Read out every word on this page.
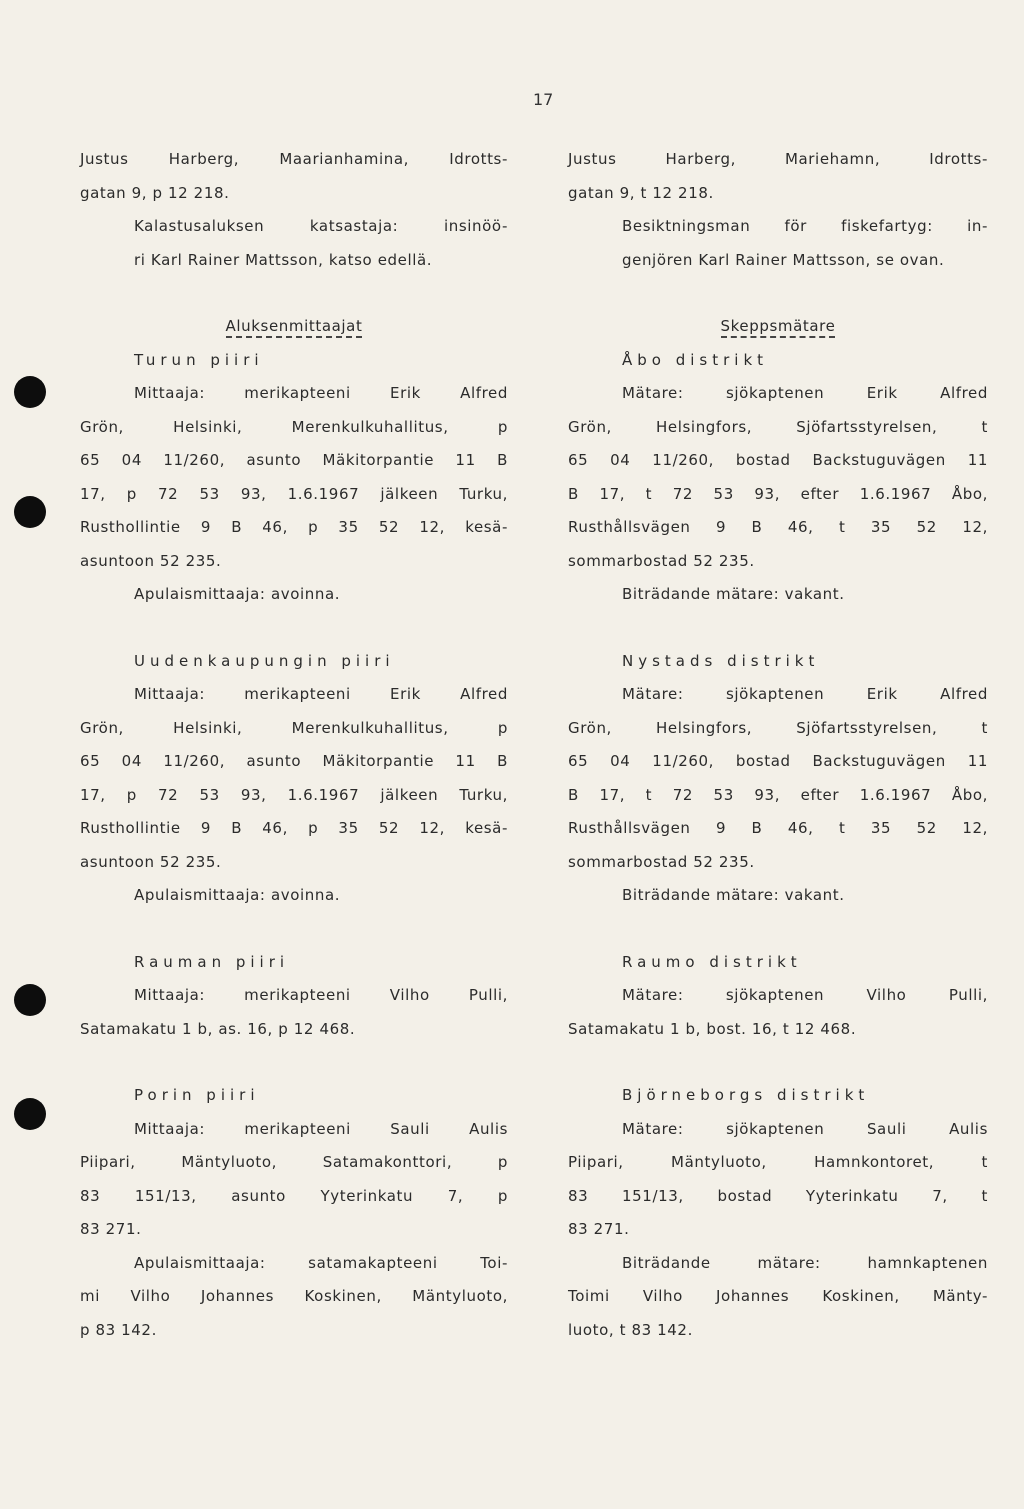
17
Justus Harberg, Maarianhamina, Idrotts-
gatan 9, p 12 218.
Kalastusaluksen katsastaja: insinöö-
ri Karl Rainer Mattsson, katso edellä.
Aluksenmittaajat
Turun piiri
Mittaaja: merikapteeni Erik Alfred
Grön, Helsinki, Merenkulkuhallitus, p
65 04 11/260, asunto Mäkitorpantie 11 B
17, p 72 53 93, 1.6.1967 jälkeen Turku,
Rusthollintie 9 B 46, p 35 52 12, kesä-
asuntoon 52 235.
Apulaismittaaja: avoinna.
Uudenkaupungin piiri
Mittaaja: merikapteeni Erik Alfred
Grön, Helsinki, Merenkulkuhallitus, p
65 04 11/260, asunto Mäkitorpantie 11 B
17, p 72 53 93, 1.6.1967 jälkeen Turku,
Rusthollintie 9 B 46, p 35 52 12, kesä-
asuntoon 52 235.
Apulaismittaaja: avoinna.
Rauman piiri
Mittaaja: merikapteeni Vilho Pulli,
Satamakatu 1 b, as. 16, p 12 468.
Porin piiri
Mittaaja: merikapteeni Sauli Aulis
Piipari, Mäntyluoto, Satamakonttori, p
83 151/13, asunto Yyterinkatu 7, p
83 271.
Apulaismittaaja: satamakapteeni Toi-
mi Vilho Johannes Koskinen, Mäntyluoto,
p 83 142.
Justus Harberg, Mariehamn, Idrotts-
gatan 9, t 12 218.
Besiktningsman för fiskefartyg: in-
genjören Karl Rainer Mattsson, se ovan.
Skeppsmätare
Åbo distrikt
Mätare: sjökaptenen Erik Alfred
Grön, Helsingfors, Sjöfartsstyrelsen, t
65 04 11/260, bostad Backstuguvägen 11
B 17, t 72 53 93, efter 1.6.1967 Åbo,
Rusthållsvägen 9 B 46, t 35 52 12,
sommarbostad 52 235.
Biträdande mätare: vakant.
Nystads distrikt
Mätare: sjökaptenen Erik Alfred
Grön, Helsingfors, Sjöfartsstyrelsen, t
65 04 11/260, bostad Backstuguvägen 11
B 17, t 72 53 93, efter 1.6.1967 Åbo,
Rusthållsvägen 9 B 46, t 35 52 12,
sommarbostad 52 235.
Biträdande mätare: vakant.
Raumo distrikt
Mätare: sjökaptenen Vilho Pulli,
Satamakatu 1 b, bost. 16, t 12 468.
Björneborgs distrikt
Mätare: sjökaptenen Sauli Aulis
Piipari, Mäntyluoto, Hamnkontoret, t
83 151/13, bostad Yyterinkatu 7, t
83 271.
Biträdande mätare: hamnkaptenen
Toimi Vilho Johannes Koskinen, Mänty-
luoto, t 83 142.
